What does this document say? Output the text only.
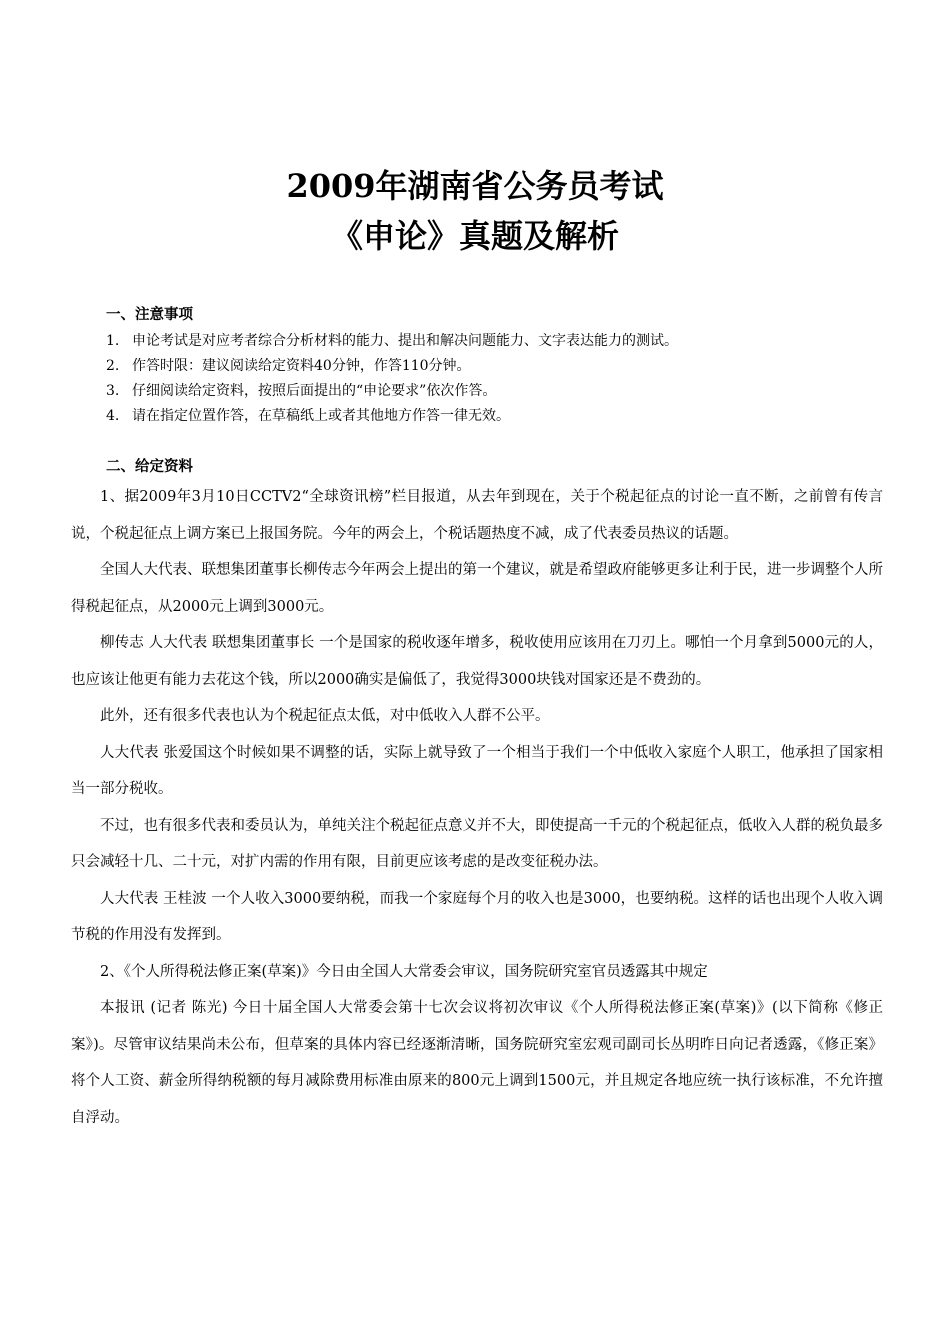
2009年湖南省公务员考试
《申论》真题及解析
一、注意事项
1. 申论考试是对应考者综合分析材料的能力、提出和解决问题能力、文字表达能力的测试。
2. 作答时限：建议阅读给定资料40分钟，作答110分钟。
3. 仔细阅读给定资料，按照后面提出的“申论要求”依次作答。
4. 请在指定位置作答，在草稿纸上或者其他地方作答一律无效。
二、给定资料

1、据2009年3月10日CCTV2“全球资讯榜”栏目报道，从去年到现在，关于个税起征点的讨论一直不断，之前曾有传言说，个税起征点上调方案已上报国务院。今年的两会上，个税话题热度不减，成了代表委员热议的话题。

全国人大代表、联想集团董事长柳传志今年两会上提出的第一个建议，就是希望政府能够更多让利于民，进一步调整个人所得税起征点，从2000元上调到3000元。

柳传志 人大代表 联想集团董事长 一个是国家的税收逐年增多，税收使用应该用在刀刃上。哪怕一个月拿到5000元的人，也应该让他更有能力去花这个钱，所以2000确实是偏低了，我觉得3000块钱对国家还是不费劲的。

此外，还有很多代表也认为个税起征点太低，对中低收入人群不公平。

人大代表 张爱国这个时候如果不调整的话，实际上就导致了一个相当于我们一个中低收入家庭个人职工，他承担了国家相当一部分税收。

不过，也有很多代表和委员认为，单纯关注个税起征点意义并不大，即使提高一千元的个税起征点，低收入人群的税负最多只会减轻十几、二十元，对扩内需的作用有限，目前更应该考虑的是改变征税办法。

人大代表 王桂波 一个人收入3000要纳税，而我一个家庭每个月的收入也是3000，也要纳税。这样的话也出现个人收入调节税的作用没有发挥到。

2、《个人所得税法修正案(草案)》今日由全国人大常委会审议，国务院研究室官员透露其中规定

本报讯 (记者 陈光) 今日十届全国人大常委会第十七次会议将初次审议《个人所得税法修正案(草案)》(以下简称《修正案》)。尽管审议结果尚未公布，但草案的具体内容已经逐渐清晰，国务院研究室宏观司副司长丛明昨日向记者透露，《修正案》将个人工资、薪金所得纳税额的每月减除费用标准由原来的800元上调到1500元，并且规定各地应统一执行该标准，不允许擅自浮动。
